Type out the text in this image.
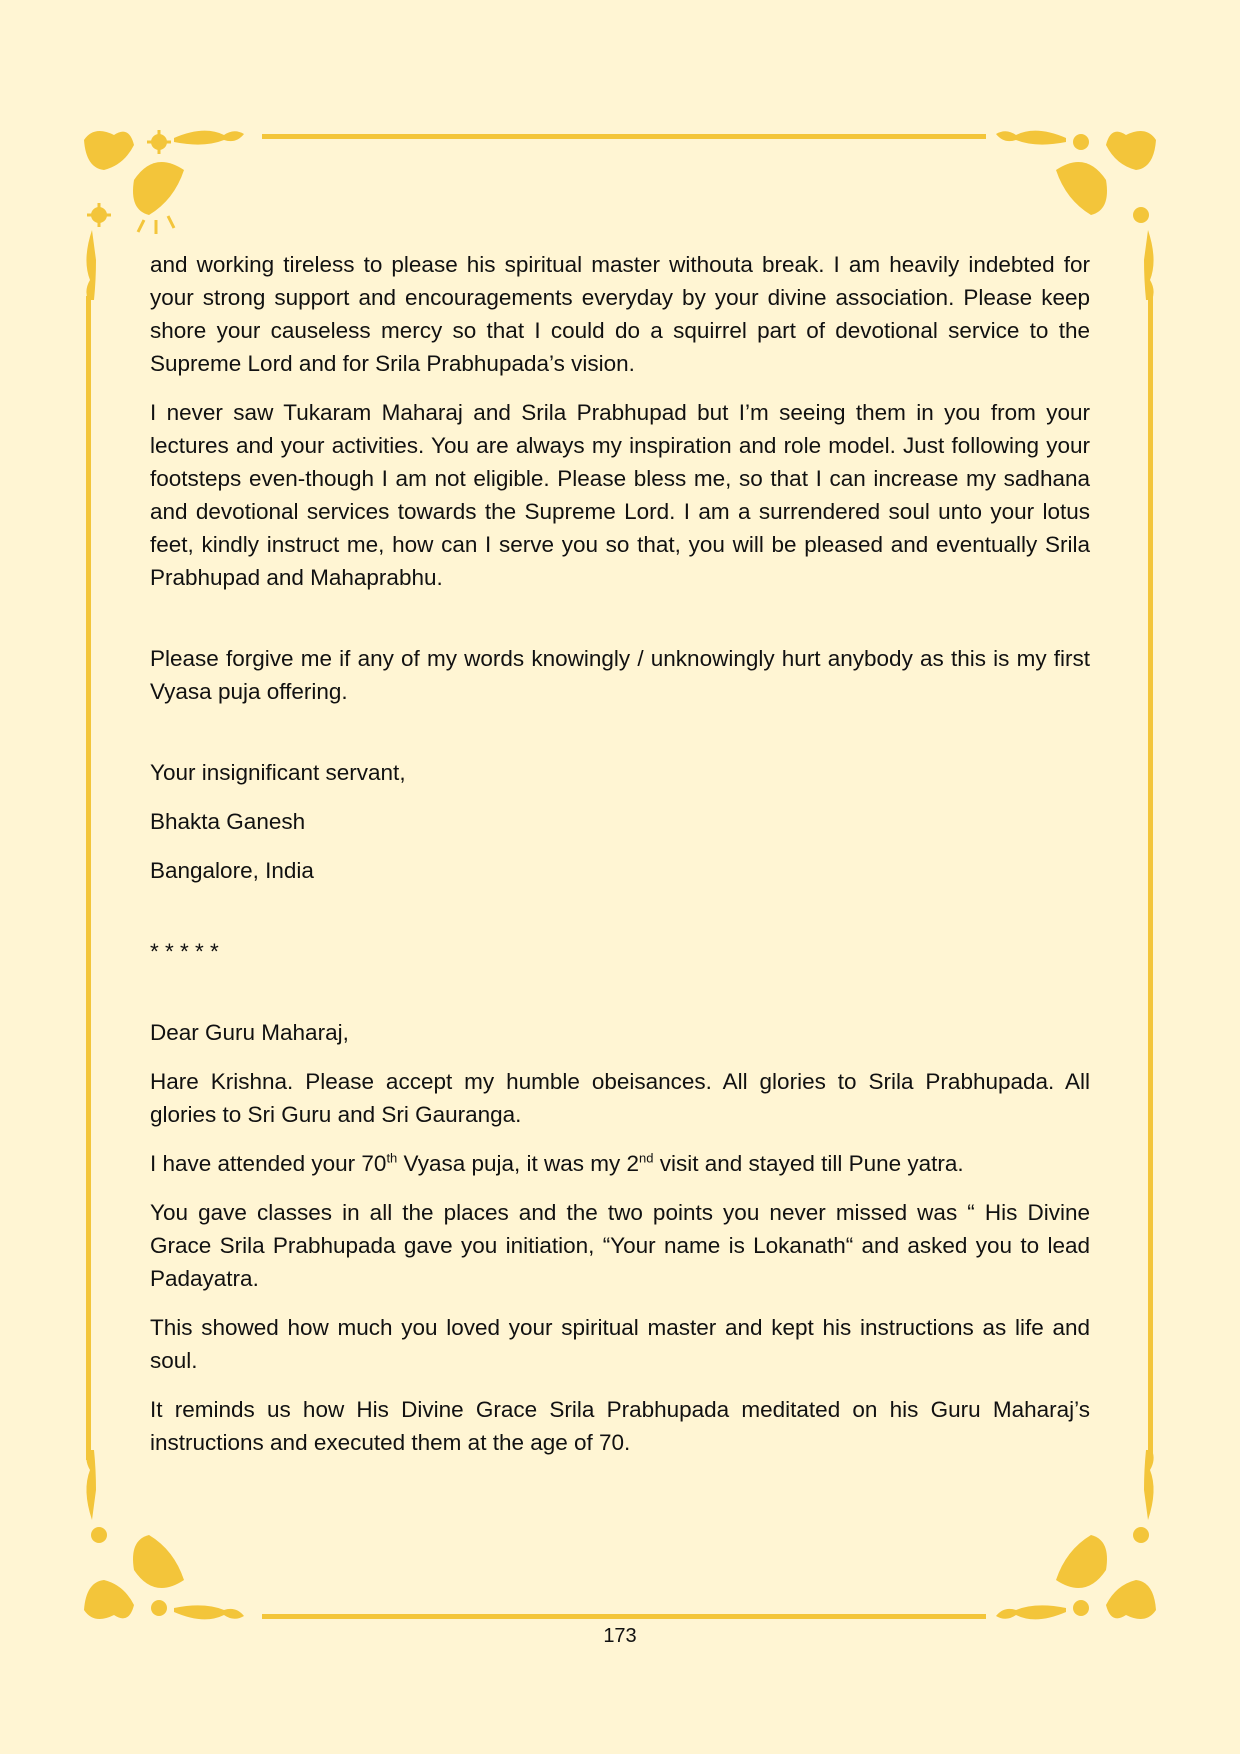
and working tireless to please his spiritual master withouta break. I am heavily indebted for your strong support and encouragements everyday by your divine association. Please keep shore your causeless mercy so that I could do a squirrel part of devotional service to the Supreme Lord and for Srila Prabhupada’s vision.

I never saw Tukaram Maharaj and Srila Prabhupad but I’m seeing them in you from your lectures and your activities. You are always my inspiration and role model. Just following your footsteps even-though I am not eligible. Please bless me, so that I can increase my sadhana and devotional services towards the Supreme Lord. I am a surrendered soul unto your lotus feet, kindly instruct me, how can I serve you so that, you will be pleased and eventually Srila Prabhupad and Mahaprabhu.

Please forgive me if any of my words knowingly / unknowingly hurt anybody as this is my first Vyasa puja offering.

Your insignificant servant,

Bhakta Ganesh

Bangalore, India

* * * * *

Dear Guru Maharaj,

Hare Krishna. Please accept my humble obeisances. All glories to Srila Prabhupada. All glories to Sri Guru and Sri Gauranga.

I have attended your 70th Vyasa puja, it was my 2nd visit and stayed till Pune yatra.

You gave classes in all the places and the two points you never missed was “ His Divine Grace Srila Prabhupada gave you initiation, “Your name is Lokanath“ and asked you to lead Padayatra.

This showed how much you loved your spiritual master and kept his instructions as life and soul.

It reminds us how His Divine Grace Srila Prabhupada meditated on his Guru Maharaj’s instructions and executed them at the age of 70.

173
